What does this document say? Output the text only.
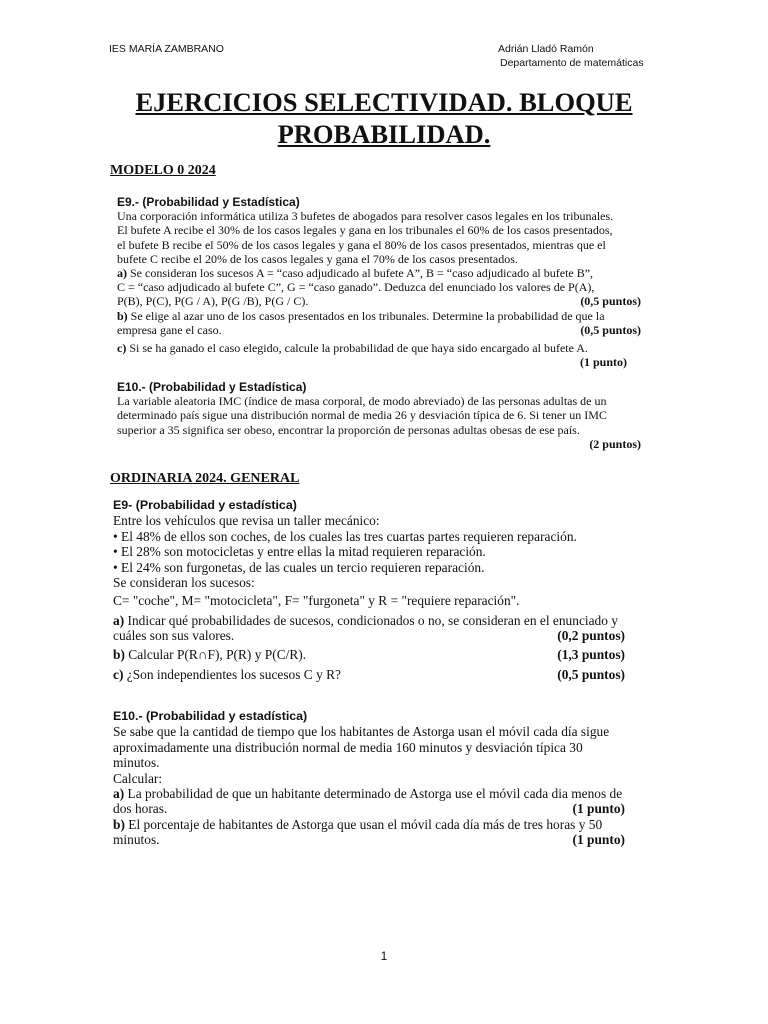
IES MARÍA ZAMBRANO	Adrián Lladó Ramón
Departamento de matemáticas
EJERCICIOS SELECTIVIDAD. BLOQUE
PROBABILIDAD.
MODELO 0 2024
E9.- (Probabilidad y Estadística)
Una corporación informática utiliza 3 bufetes de abogados para resolver casos legales en los tribunales.
El bufete A recibe el 30% de los casos legales y gana en los tribunales el 60% de los casos presentados,
el bufete B recibe el 50% de los casos legales y gana el 80% de los casos presentados, mientras que el
bufete C recibe el 20% de los casos legales y gana el 70% de los casos presentados.
a) Se consideran los sucesos A = “caso adjudicado al bufete A”, B = “caso adjudicado al bufete B”,
C = “caso adjudicado al bufete C”, G = “caso ganado”. Deduzca del enunciado los valores de P(A),
P(B), P(C), P(G / A), P(G /B), P(G / C).	(0,5 puntos)
b) Se elige al azar uno de los casos presentados en los tribunales. Determine la probabilidad de que la
empresa gane el caso.	(0,5 puntos)
c) Si se ha ganado el caso elegido, calcule la probabilidad de que haya sido encargado al bufete A.
(1 punto)
E10.- (Probabilidad y Estadística)
La variable aleatoria IMC (índice de masa corporal, de modo abreviado) de las personas adultas de un
determinado país sigue una distribución normal de media 26 y desviación típica de 6. Si tener un IMC
superior a 35 significa ser obeso, encontrar la proporción de personas adultas obesas de ese país.
(2 puntos)
ORDINARIA 2024. GENERAL
E9- (Probabilidad y estadística)
Entre los vehículos que revisa un taller mecánico:
• El 48% de ellos son coches, de los cuales las tres cuartas partes requieren reparación.
• El 28% son motocicletas y entre ellas la mitad requieren reparación.
• El 24% son furgonetas, de las cuales un tercio requieren reparación.
Se consideran los sucesos:
C= "coche", M= "motocicleta", F= "furgoneta" y R = "requiere reparación".
a) Indicar qué probabilidades de sucesos, condicionados o no, se consideran en el enunciado y
cuáles son sus valores.	(0,2 puntos)
b) Calcular P(R∩F), P(R) y P(C/R).	(1,3 puntos)
c) ¿Son independientes los sucesos C y R?	(0,5 puntos)
E10.- (Probabilidad y estadística)
Se sabe que la cantidad de tiempo que los habitantes de Astorga usan el móvil cada día sigue
aproximadamente una distribución normal de media 160 minutos y desviación típica 30 minutos.
Calcular:
a) La probabilidad de que un habitante determinado de Astorga use el móvil cada dia menos de
dos horas.	(1 punto)
b) El porcentaje de habitantes de Astorga que usan el móvil cada día más de tres horas y 50
minutos.	(1 punto)
1
